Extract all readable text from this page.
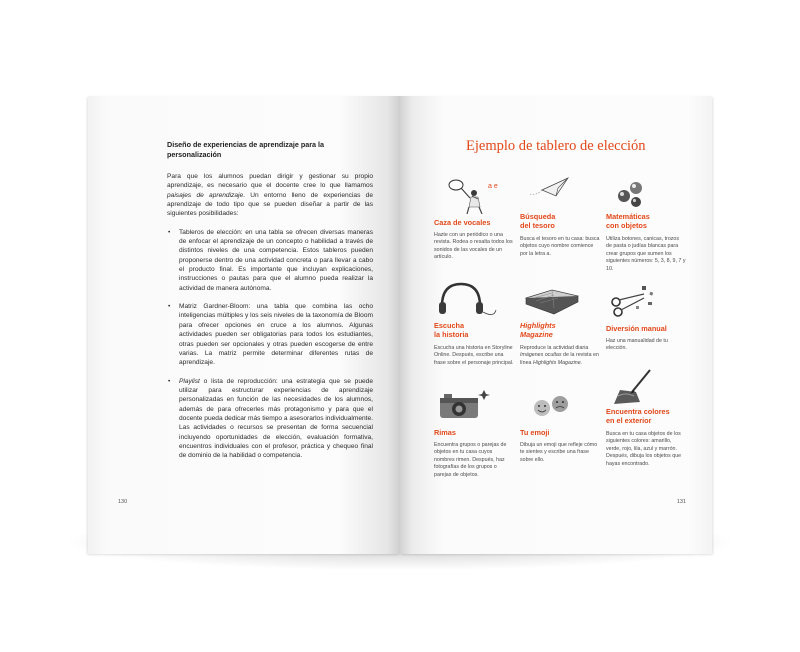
Diseño de experiencias de aprendizaje para la personalización

Para que los alumnos puedan dirigir y gestionar su propio aprendizaje, es necesario que el docente cree lo que llamamos paisajes de aprendizaje. Un entorno lleno de experiencias de aprendizaje de todo tipo que se pueden diseñar a partir de las siguientes posibilidades:

• Tableros de elección: en una tabla se ofrecen diversas maneras de enfocar el aprendizaje de un concepto o habilidad a través de distintos niveles de una competencia. Estos tableros pueden proponerse dentro de una actividad concreta o para llevar a cabo el producto final. Es importante que incluyan explicaciones, instrucciones o pautas para que el alumno pueda realizar la actividad de manera autónoma.

• Matriz Gardner-Bloom: una tabla que combina las ocho inteligencias múltiples y los seis niveles de la taxonomía de Bloom para ofrecer opciones en cruce a los alumnos. Algunas actividades pueden ser obligatorias para todos los estudiantes, otras pueden ser opcionales y otras pueden escogerse de entre varias. La matriz permite determinar diferentes rutas de aprendizaje.

• Playlist o lista de reproducción: una estrategia que se puede utilizar para estructurar experiencias de aprendizaje personalizadas en función de las necesidades de los alumnos, además de para ofrecerles más protagonismo y para que el docente pueda dedicar más tiempo a asesorarlos individualmente. Las actividades o recursos se presentan de forma secuencial incluyendo oportunidades de elección, evaluación formativa, encuentros individuales con el profesor, práctica y chequeo final de dominio de la habilidad o competencia.

130
Ejemplo de tablero de elección
a e
Caza de vocales
Hazte con un periódico o una revista. Rodea o resalta todos los sonidos de las vocales de un artículo.
Búsqueda
del tesoro
Busca el tesoro en tu casa: busca objetos cuyo nombre comience por la letra a.
Matemáticas
con objetos
Utiliza botones, canicas, trozos de pasta o judías blancas para crear grupos que sumen los siguientes números: 5, 3, 8, 9, 7 y 10.
Escucha
la historia
Escucha una historia en Storyline Online. Después, escribe una frase sobre el personaje principal.
Highlights
Magazine
Reproduce la actividad diaria Imágenes ocultas de la revista en línea Highlights Magazine.
Diversión manual
Haz una manualidad de tu elección.
Rimas
Encuentra grupos o parejas de objetos en tu casa cuyos nombres rimen. Después, haz fotografías de los grupos o parejas de objetos.
Tu emoji
Dibuja un emoji que refleje cómo te sientes y escribe una frase sobre ello.
Encuentra colores
en el exterior
Busca en tu casa objetos de los siguientes colores: amarillo, verde, rojo, lila, azul y marrón. Después, dibuja los objetos que hayas encontrado.
131
